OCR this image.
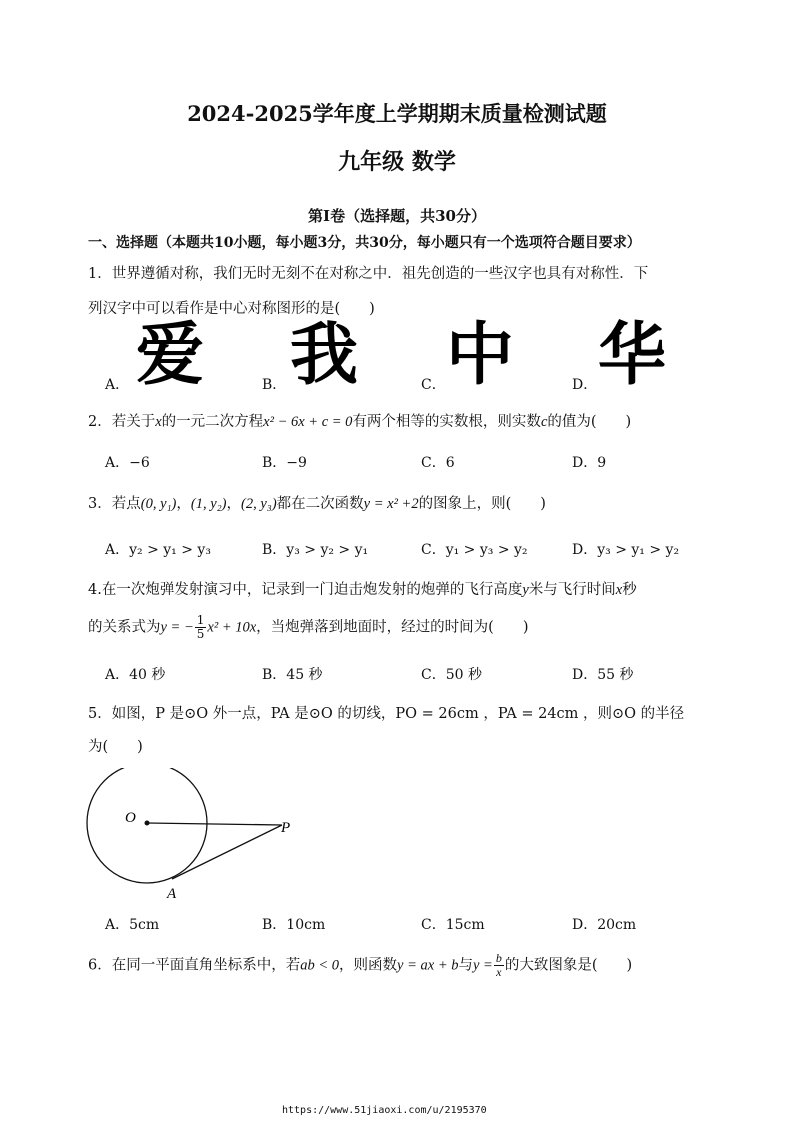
2024-2025学年度上学期期末质量检测试题
九年级 数学
第Ⅰ卷（选择题，共30分）
一、选择题（本题共10小题，每小题3分，共30分，每小题只有一个选项符合题目要求）
1．世界遵循对称，我们无时无刻不在对称之中．祖先创造的一些汉字也具有对称性．下
列汉字中可以看作是中心对称图形的是(　　)
爱 我 中 华
A．	B．	C．	D．
2．若关于x的一元二次方程x² − 6x + c = 0有两个相等的实数根，则实数c的值为(　　)
A．−6	B．−9	C．6	D．9
3．若点(0, y₁)，(1, y₂)，(2, y₃)都在二次函数y = x² +2的图象上，则(　　)
A．y₂ > y₁ > y₃	B．y₃ > y₂ > y₁	C．y₁ > y₃ > y₂	D．y₃ > y₁ > y₂
4.在一次炮弹发射演习中，记录到一门迫击炮发射的炮弹的飞行高度y米与飞行时间x秒
的关系式为y = − $\frac{1}{5} x^2 + 10x$，当炮弹落到地面时，经过的时间为(　　)
A．40 秒	B．45 秒	C．50 秒	D．55 秒
5．如图，P 是⊙O 外一点，PA 是⊙O 的切线，PO = 26cm ，PA = 24cm ，则⊙O 的半径
为(　　)
O
P
A
A．5cm	B．10cm	C．15cm	D．20cm
6．在同一平面直角坐标系中，若ab < 0，则函数y = ax + b与$y = \frac{b}{x}$ 的大致图象是(　　)
https://www.51jiaoxi.com/u/2195370
